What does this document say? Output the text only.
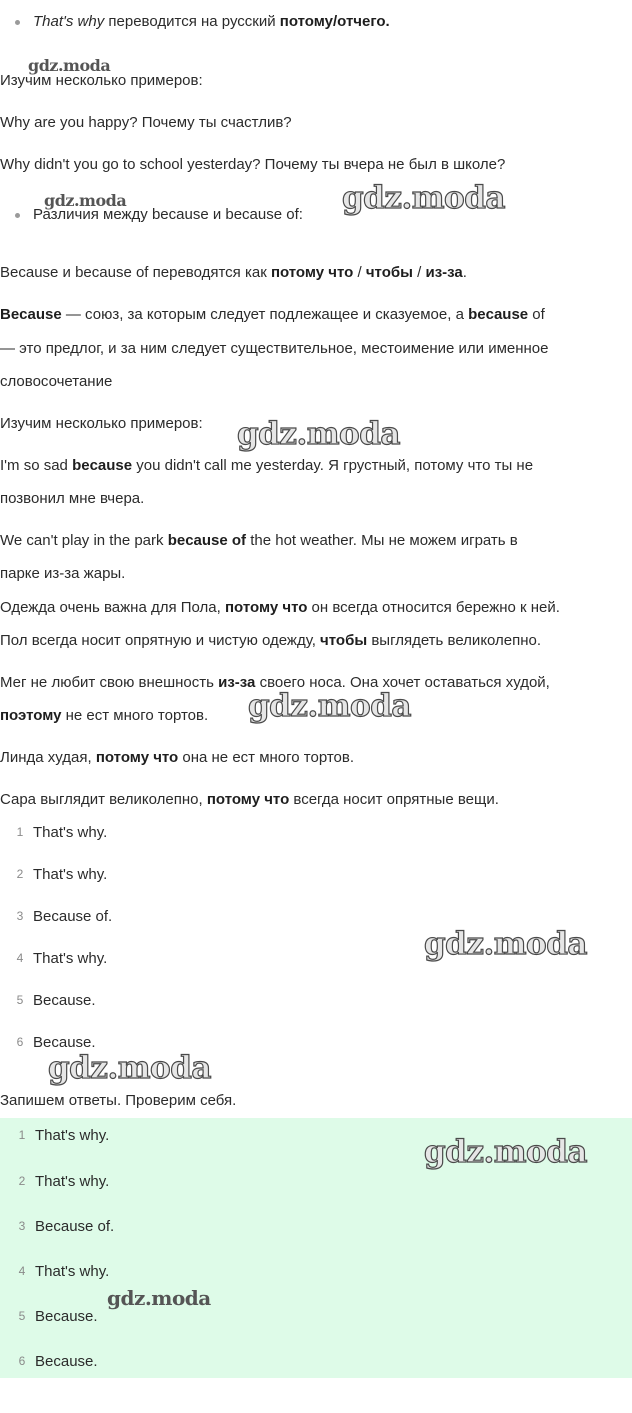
That's why переводится на русский потому/отчего.

gdz.moda

Изучим несколько примеров:

Why are you happy? Почему ты счастлив?

Why didn't you go to school yesterday? Почему ты вчера не был в школе?

gdz.moda

Различия между because и because of: gdz.moda

Because и because of переводятся как потому что / чтобы / из-за.

Because — союз, за которым следует подлежащее и сказуемое, а because of

— это предлог, и за ним следует существительное, местоимение или именное

словосочетание

Изучим несколько примеров: gdz.moda

I'm so sad because you didn't call me yesterday. Я грустный, потому что ты не

позвонил мне вчера.

We can't play in the park because of the hot weather. Мы не можем играть в

парке из-за жары.

Одежда очень важна для Пола, потому что он всегда относится бережно к ней.

Пол всегда носит опрятную и чистую одежду, чтобы выглядеть великолепно.

Мег не любит свою внешность из-за своего носа. Она хочет оставаться худой,

поэтому не ест много тортов. gdz.moda

Линда худая, потому что она не ест много тортов.

Сара выглядит великолепно, потому что всегда носит опрятные вещи.

1 That's why.
2 That's why.
3 Because of.
4 That's why.
5 Because.
6 Because.
gdz.moda
gdz.moda

Запишем ответы. Проверим себя.

1 That's why.
2 That's why.
3 Because of.
4 That's why.
5 Because.
6 Because.
gdz.moda
gdz.moda
